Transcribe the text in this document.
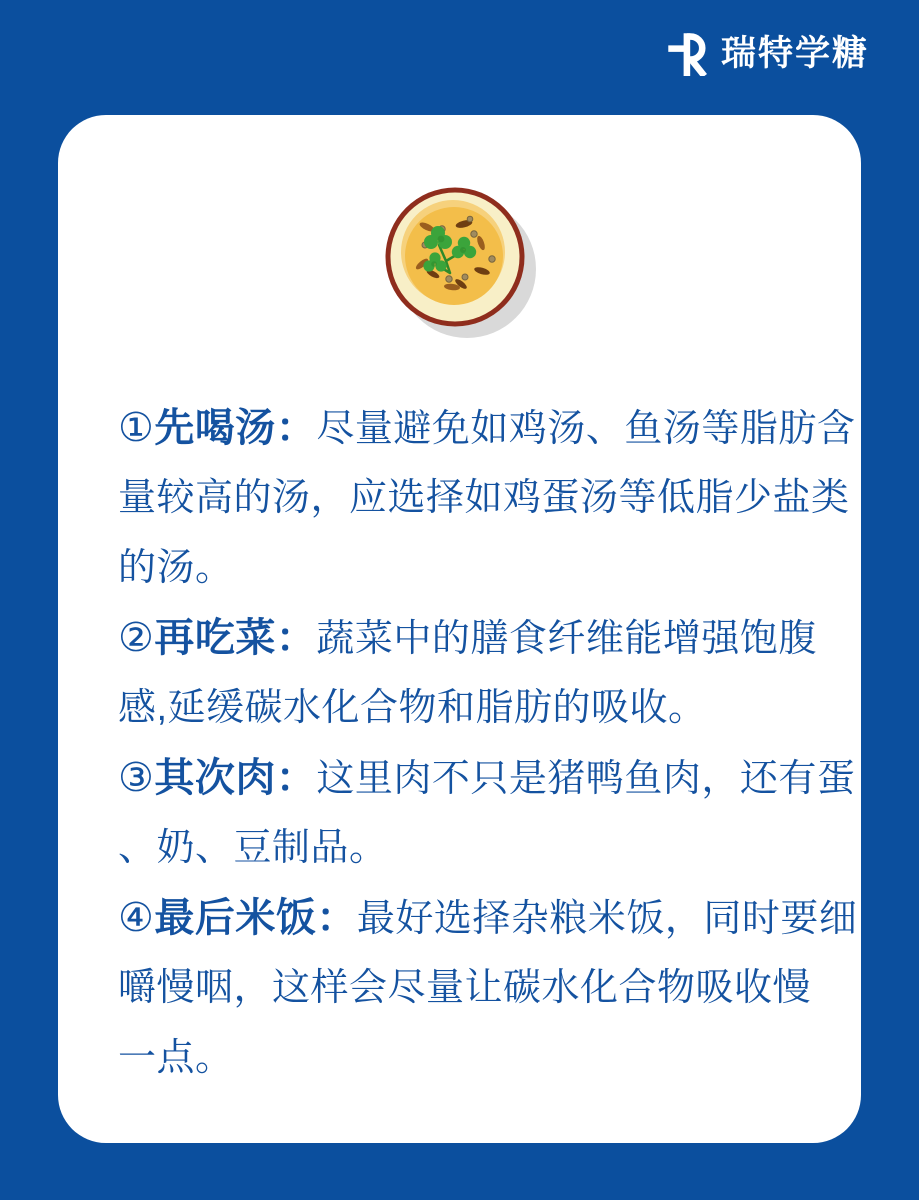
瑞特学糖
①先喝汤：尽量避免如鸡汤、鱼汤等脂肪含
量较高的汤，应选择如鸡蛋汤等低脂少盐类
的汤。
②再吃菜：蔬菜中的膳食纤维能增强饱腹
感,延缓碳水化合物和脂肪的吸收。
③其次肉：这里肉不只是猪鸭鱼肉，还有蛋
、奶、豆制品。
④最后米饭：最好选择杂粮米饭，同时要细
嚼慢咽，这样会尽量让碳水化合物吸收慢
一点。
